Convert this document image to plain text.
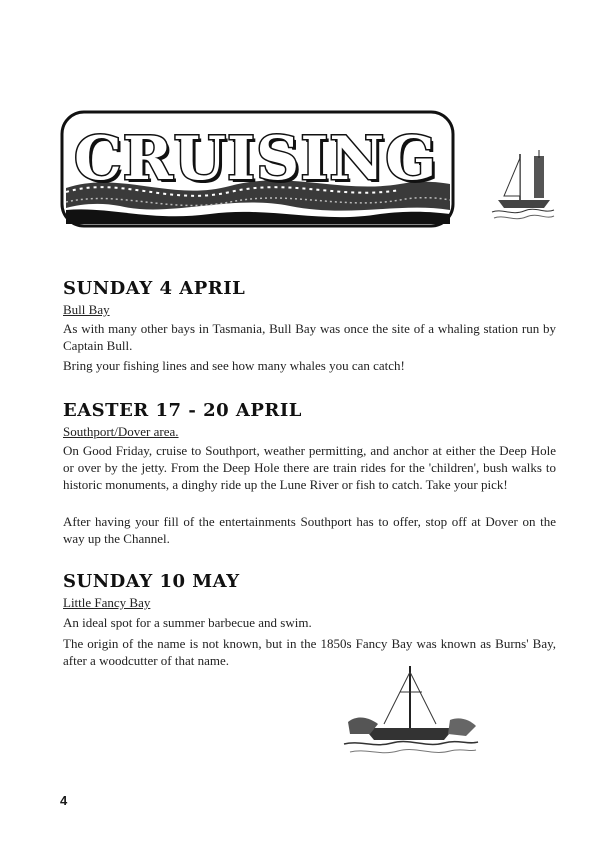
CRUISING
SUNDAY 4 APRIL
Bull Bay

As with many other bays in Tasmania, Bull Bay was once the site of a whaling station run by Captain Bull.

Bring your fishing lines and see how many whales you can catch!

EASTER 17 - 20 APRIL
Southport/Dover area.

On Good Friday, cruise to Southport, weather permitting, and anchor at either the Deep Hole or over by the jetty. From the Deep Hole there are train rides for the 'children', bush walks to historic monuments, a dinghy ride up the Lune River or fish to catch. Take your pick!

After having your fill of the entertainments Southport has to offer, stop off at Dover on the way up the Channel.

SUNDAY 10 MAY
Little Fancy Bay

An ideal spot for a summer barbecue and swim.

The origin of the name is not known, but in the 1850s Fancy Bay was known as Burns' Bay, after a woodcutter of that name.

4
